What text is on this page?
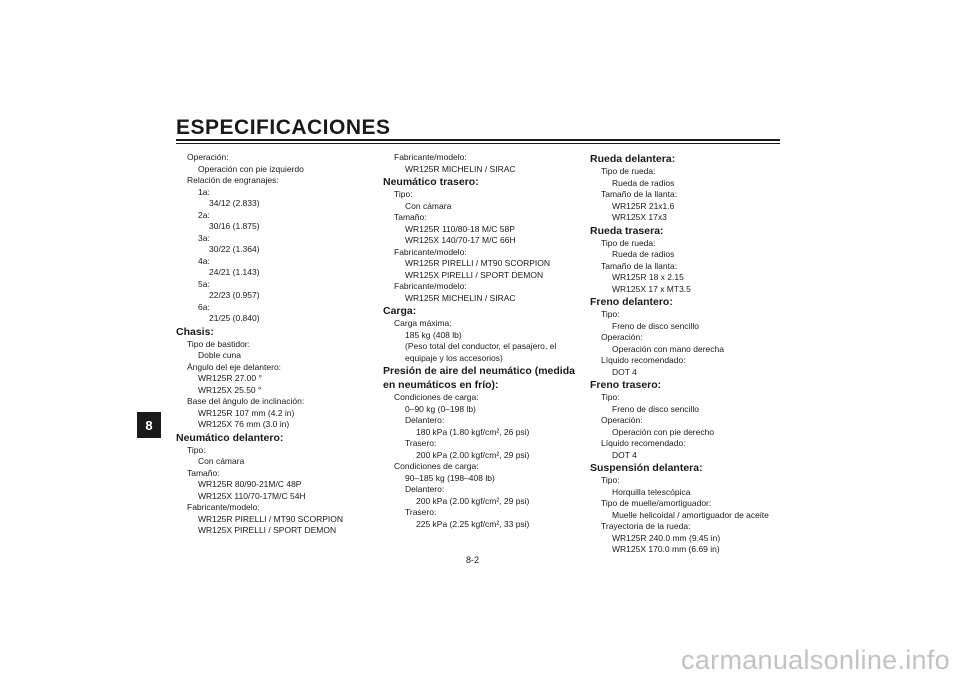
ESPECIFICACIONES
8
Operación:
Operación con pie izquierdo
Relación de engranajes:
1a:
34/12 (2.833)
2a:
30/16 (1.875)
3a:
30/22 (1.364)
4a:
24/21 (1.143)
5a:
22/23 (0.957)
6a:
21/25 (0.840)
Chasis:
Tipo de bastidor:
Doble cuna
Ángulo del eje delantero:
WR125R 27.00 °
WR125X 25.50 °
Base del ángulo de inclinación:
WR125R 107 mm (4.2 in)
WR125X 76 mm (3.0 in)
Neumático delantero:
Tipo:
Con cámara
Tamaño:
WR125R 80/90-21M/C 48P
WR125X 110/70-17M/C 54H
Fabricante/modelo:
WR125R PIRELLI / MT90 SCORPION
WR125X PIRELLI / SPORT DEMON
Fabricante/modelo:
WR125R MICHELIN / SIRAC
Neumático trasero:
Tipo:
Con cámara
Tamaño:
WR125R 110/80-18 M/C 58P
WR125X 140/70-17 M/C 66H
Fabricante/modelo:
WR125R PIRELLI / MT90 SCORPION
WR125X PIRELLI / SPORT DEMON
Fabricante/modelo:
WR125R MICHELIN / SIRAC
Carga:
Carga máxima:
185 kg (408 lb)
(Peso total del conductor, el pasajero, el
equipaje y los accesorios)
Presión de aire del neumático (medida
en neumáticos en frío):
Condiciones de carga:
0–90 kg (0–198 lb)
Delantero:
180 kPa (1.80 kgf/cm², 26 psi)
Trasero:
200 kPa (2.00 kgf/cm², 29 psi)
Condiciones de carga:
90–185 kg (198–408 lb)
Delantero:
200 kPa (2.00 kgf/cm², 29 psi)
Trasero:
225 kPa (2.25 kgf/cm², 33 psi)
Rueda delantera:
Tipo de rueda:
Rueda de radios
Tamaño de la llanta:
WR125R 21x1.6
WR125X 17x3
Rueda trasera:
Tipo de rueda:
Rueda de radios
Tamaño de la llanta:
WR125R 18 x 2.15
WR125X 17 x MT3.5
Freno delantero:
Tipo:
Freno de disco sencillo
Operación:
Operación con mano derecha
Líquido recomendado:
DOT 4
Freno trasero:
Tipo:
Freno de disco sencillo
Operación:
Operación con pie derecho
Líquido recomendado:
DOT 4
Suspensión delantera:
Tipo:
Horquilla telescópica
Tipo de muelle/amortiguador:
Muelle helicoidal / amortiguador de aceite
Trayectoria de la rueda:
WR125R 240.0 mm (9.45 in)
WR125X 170.0 mm (6.69 in)
8-2
carmanualsonline.info
